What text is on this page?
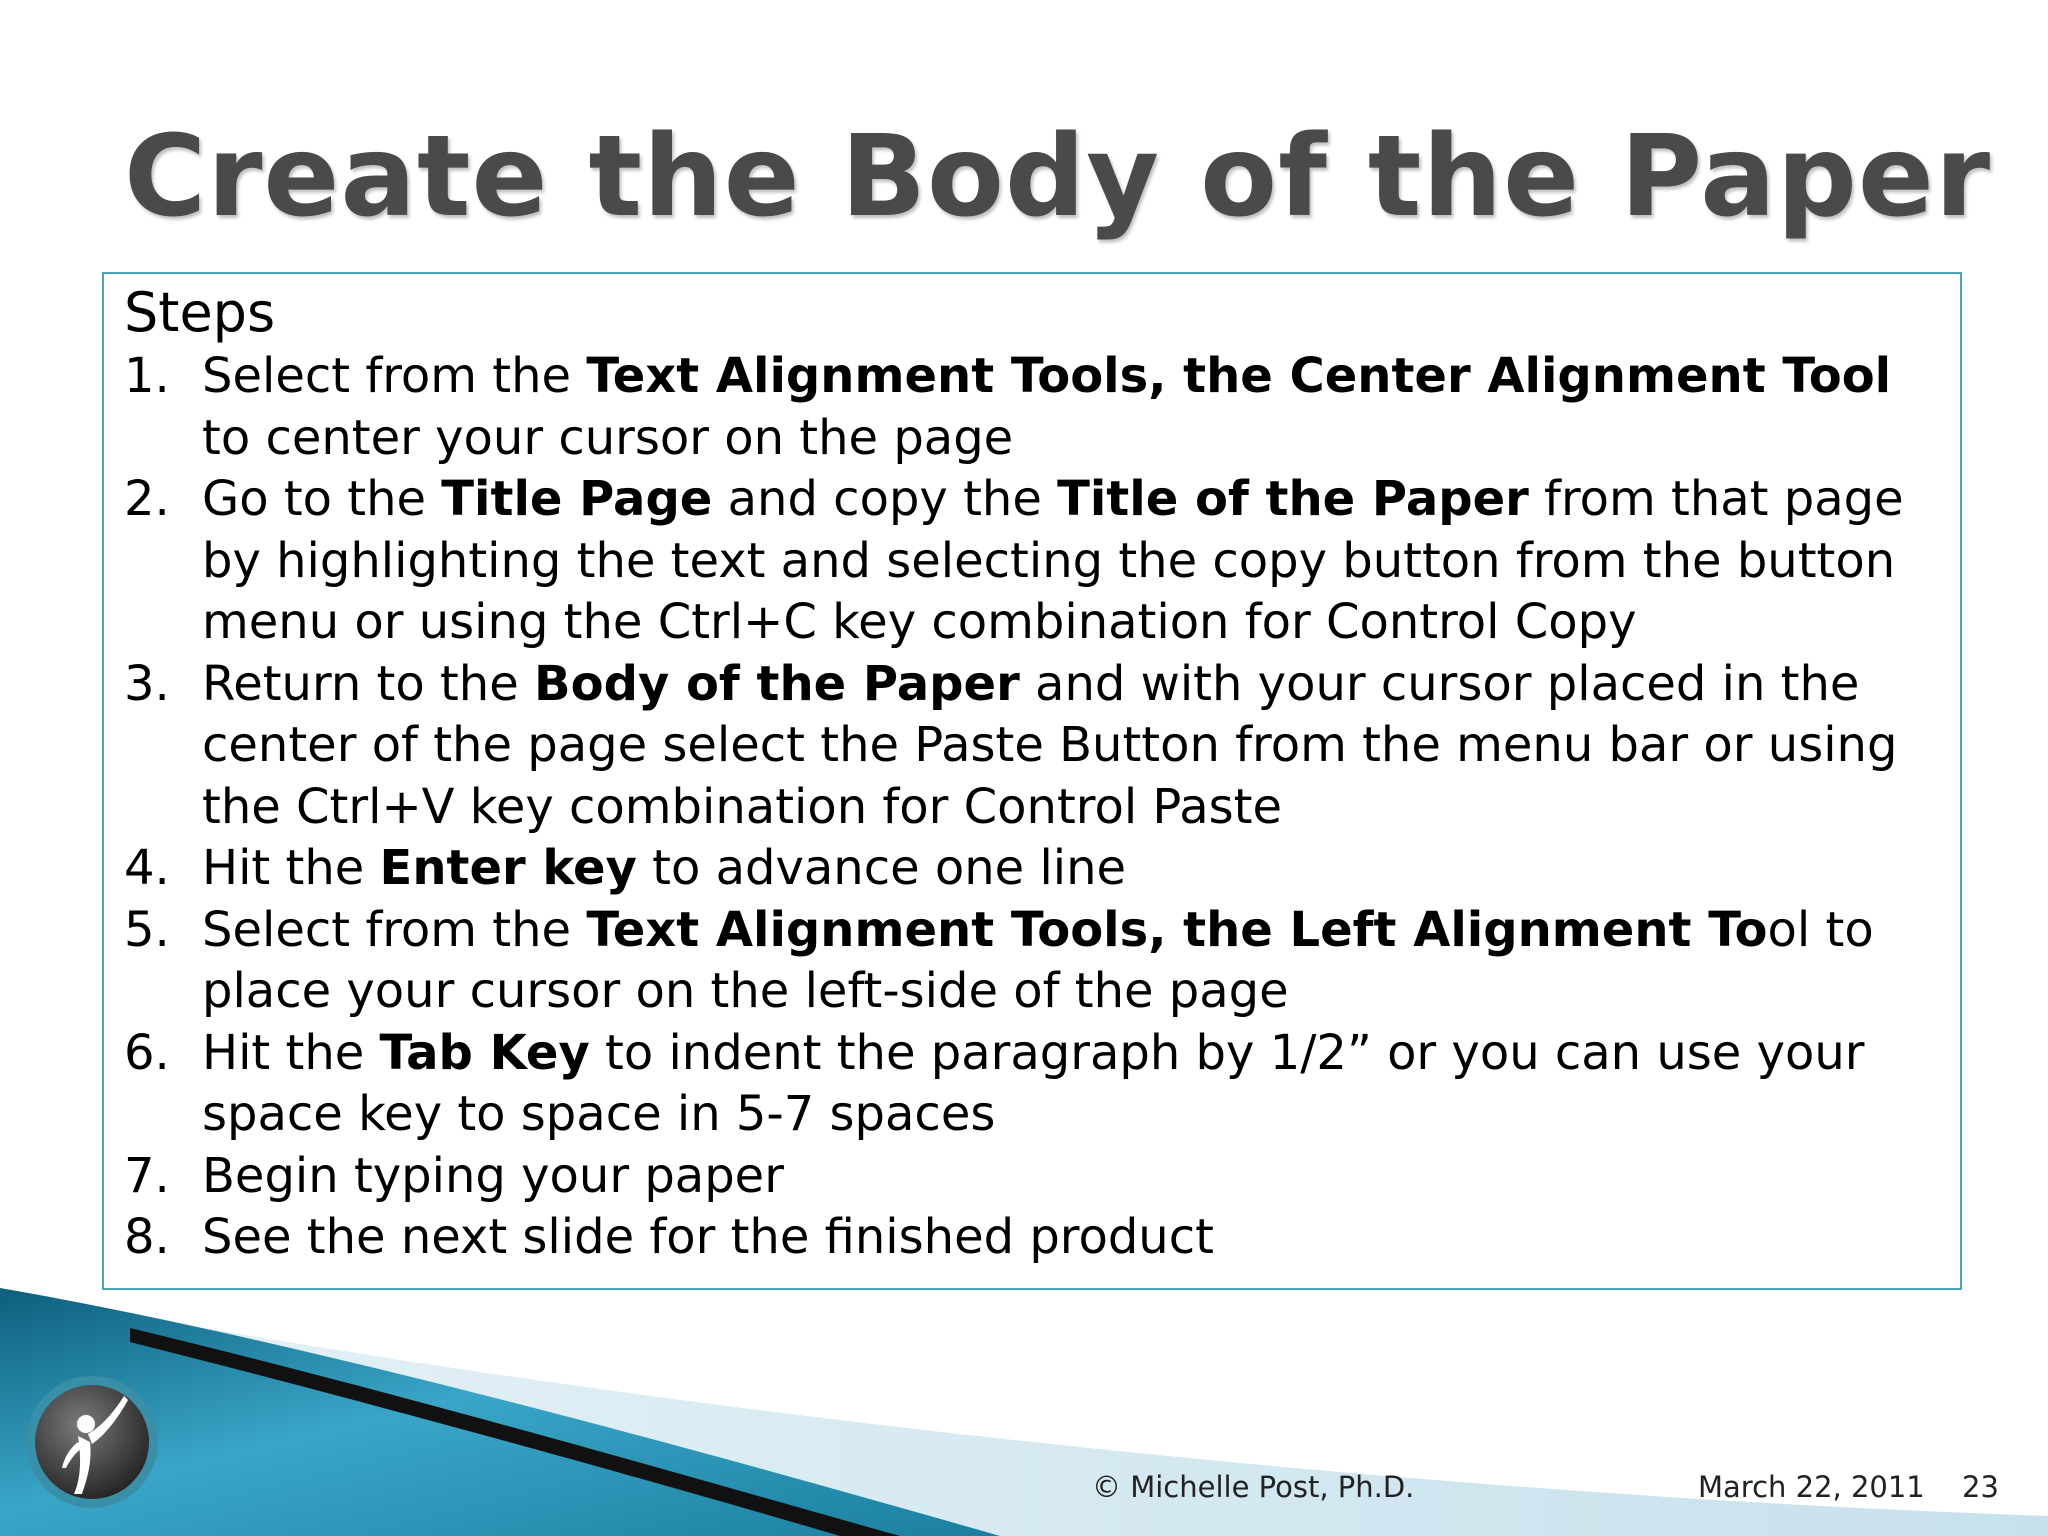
Create the Body of the Paper
Steps
1. Select from the Text Alignment Tools, the Center Alignment Tool to center your cursor on the page
2. Go to the Title Page and copy the Title of the Paper from that page by highlighting the text and selecting the copy button from the button menu or using the Ctrl+C key combination for Control Copy
3. Return to the Body of the Paper and with your cursor placed in the center of the page select the Paste Button from the menu bar or using the Ctrl+V key combination for Control Paste
4. Hit the Enter key to advance one line
5. Select from the Text Alignment Tools, the Left Alignment Tool to place your cursor on the left-side of the page
6. Hit the Tab Key to indent the paragraph by 1/2” or you can use your space key to space in 5-7 spaces
7. Begin typing your paper
8. See the next slide for the finished product
© Michelle Post, Ph.D.	March 22, 2011 23
